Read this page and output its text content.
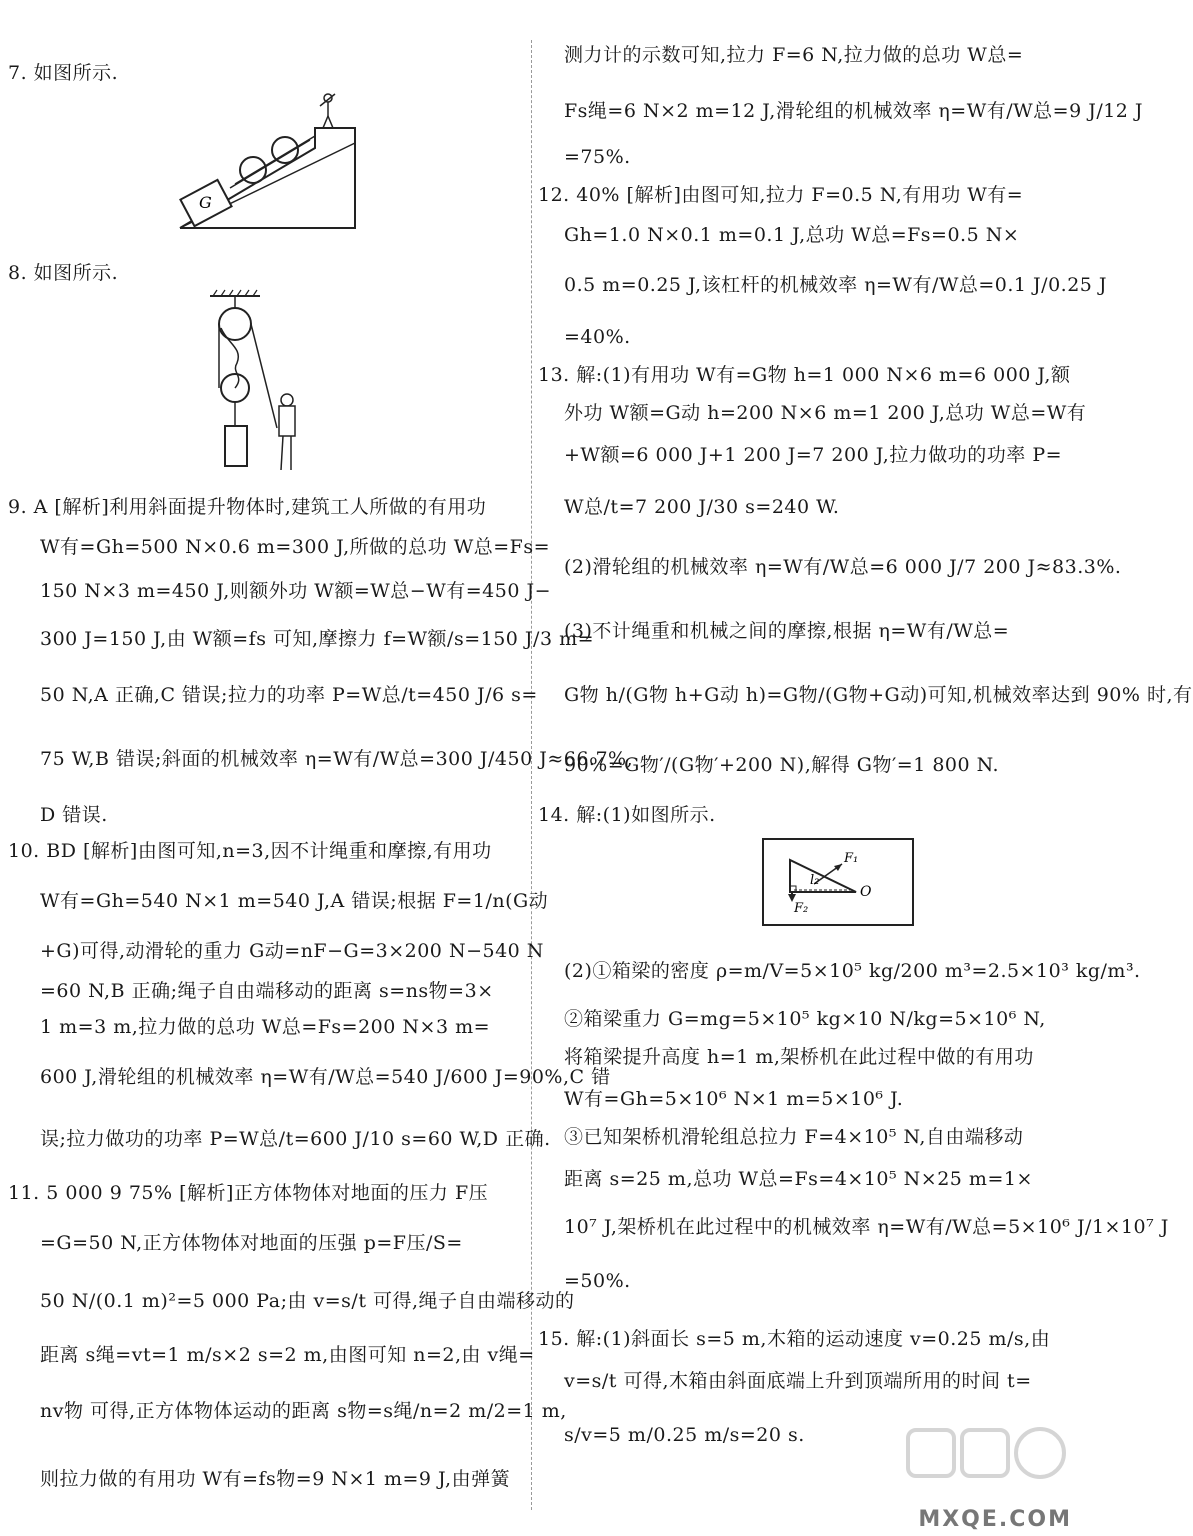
7. 如图所示.
G
8. 如图所示.
9. A [解析]利用斜面提升物体时,建筑工人所做的有用功
W有=Gh=500 N×0.6 m=300 J,所做的总功 W总=Fs=
150 N×3 m=450 J,则额外功 W额=W总−W有=450 J−
300 J=150 J,由 W额=fs 可知,摩擦力 f=W额/s=150 J/3 m=
50 N,A 正确,C 错误;拉力的功率 P=W总/t=450 J/6 s=
75 W,B 错误;斜面的机械效率 η=W有/W总=300 J/450 J≈66.7%,
D 错误.
10. BD [解析]由图可知,n=3,因不计绳重和摩擦,有用功
W有=Gh=540 N×1 m=540 J,A 错误;根据 F=1/n(G动
+G)可得,动滑轮的重力 G动=nF−G=3×200 N−540 N
=60 N,B 正确;绳子自由端移动的距离 s=ns物=3×
1 m=3 m,拉力做的总功 W总=Fs=200 N×3 m=
600 J,滑轮组的机械效率 η=W有/W总=540 J/600 J=90%,C 错
误;拉力做功的功率 P=W总/t=600 J/10 s=60 W,D 正确.
11. 5 000 9 75% [解析]正方体物体对地面的压力 F压
=G=50 N,正方体物体对地面的压强 p=F压/S=
50 N/(0.1 m)²=5 000 Pa;由 v=s/t 可得,绳子自由端移动的
距离 s绳=vt=1 m/s×2 s=2 m,由图可知 n=2,由 v绳=
nv物 可得,正方体物体运动的距离 s物=s绳/n=2 m/2=1 m,
则拉力做的有用功 W有=fs物=9 N×1 m=9 J,由弹簧
测力计的示数可知,拉力 F=6 N,拉力做的总功 W总=
Fs绳=6 N×2 m=12 J,滑轮组的机械效率 η=W有/W总=9 J/12 J
=75%.
12. 40% [解析]由图可知,拉力 F=0.5 N,有用功 W有=
Gh=1.0 N×0.1 m=0.1 J,总功 W总=Fs=0.5 N×
0.5 m=0.25 J,该杠杆的机械效率 η=W有/W总=0.1 J/0.25 J
=40%.
13. 解:(1)有用功 W有=G物 h=1 000 N×6 m=6 000 J,额
外功 W额=G动 h=200 N×6 m=1 200 J,总功 W总=W有
+W额=6 000 J+1 200 J=7 200 J,拉力做功的功率 P=
W总/t=7 200 J/30 s=240 W.
(2)滑轮组的机械效率 η=W有/W总=6 000 J/7 200 J≈83.3%.
(3)不计绳重和机械之间的摩擦,根据 η=W有/W总=
G物 h/(G物 h+G动 h)=G物/(G物+G动)可知,机械效率达到 90% 时,有
90%=G物′/(G物′+200 N),解得 G物′=1 800 N.
14. 解:(1)如图所示.
F₁
l₂
F₂
O
(2)①箱梁的密度 ρ=m/V=5×10⁵ kg/200 m³=2.5×10³ kg/m³.
②箱梁重力 G=mg=5×10⁵ kg×10 N/kg=5×10⁶ N,
将箱梁提升高度 h=1 m,架桥机在此过程中做的有用功
W有=Gh=5×10⁶ N×1 m=5×10⁶ J.
③已知架桥机滑轮组总拉力 F=4×10⁵ N,自由端移动
距离 s=25 m,总功 W总=Fs=4×10⁵ N×25 m=1×
10⁷ J,架桥机在此过程中的机械效率 η=W有/W总=5×10⁶ J/1×10⁷ J
=50%.
15. 解:(1)斜面长 s=5 m,木箱的运动速度 v=0.25 m/s,由
v=s/t 可得,木箱由斜面底端上升到顶端所用的时间 t=
s/v=5 m/0.25 m/s=20 s.
MXQE.COM
